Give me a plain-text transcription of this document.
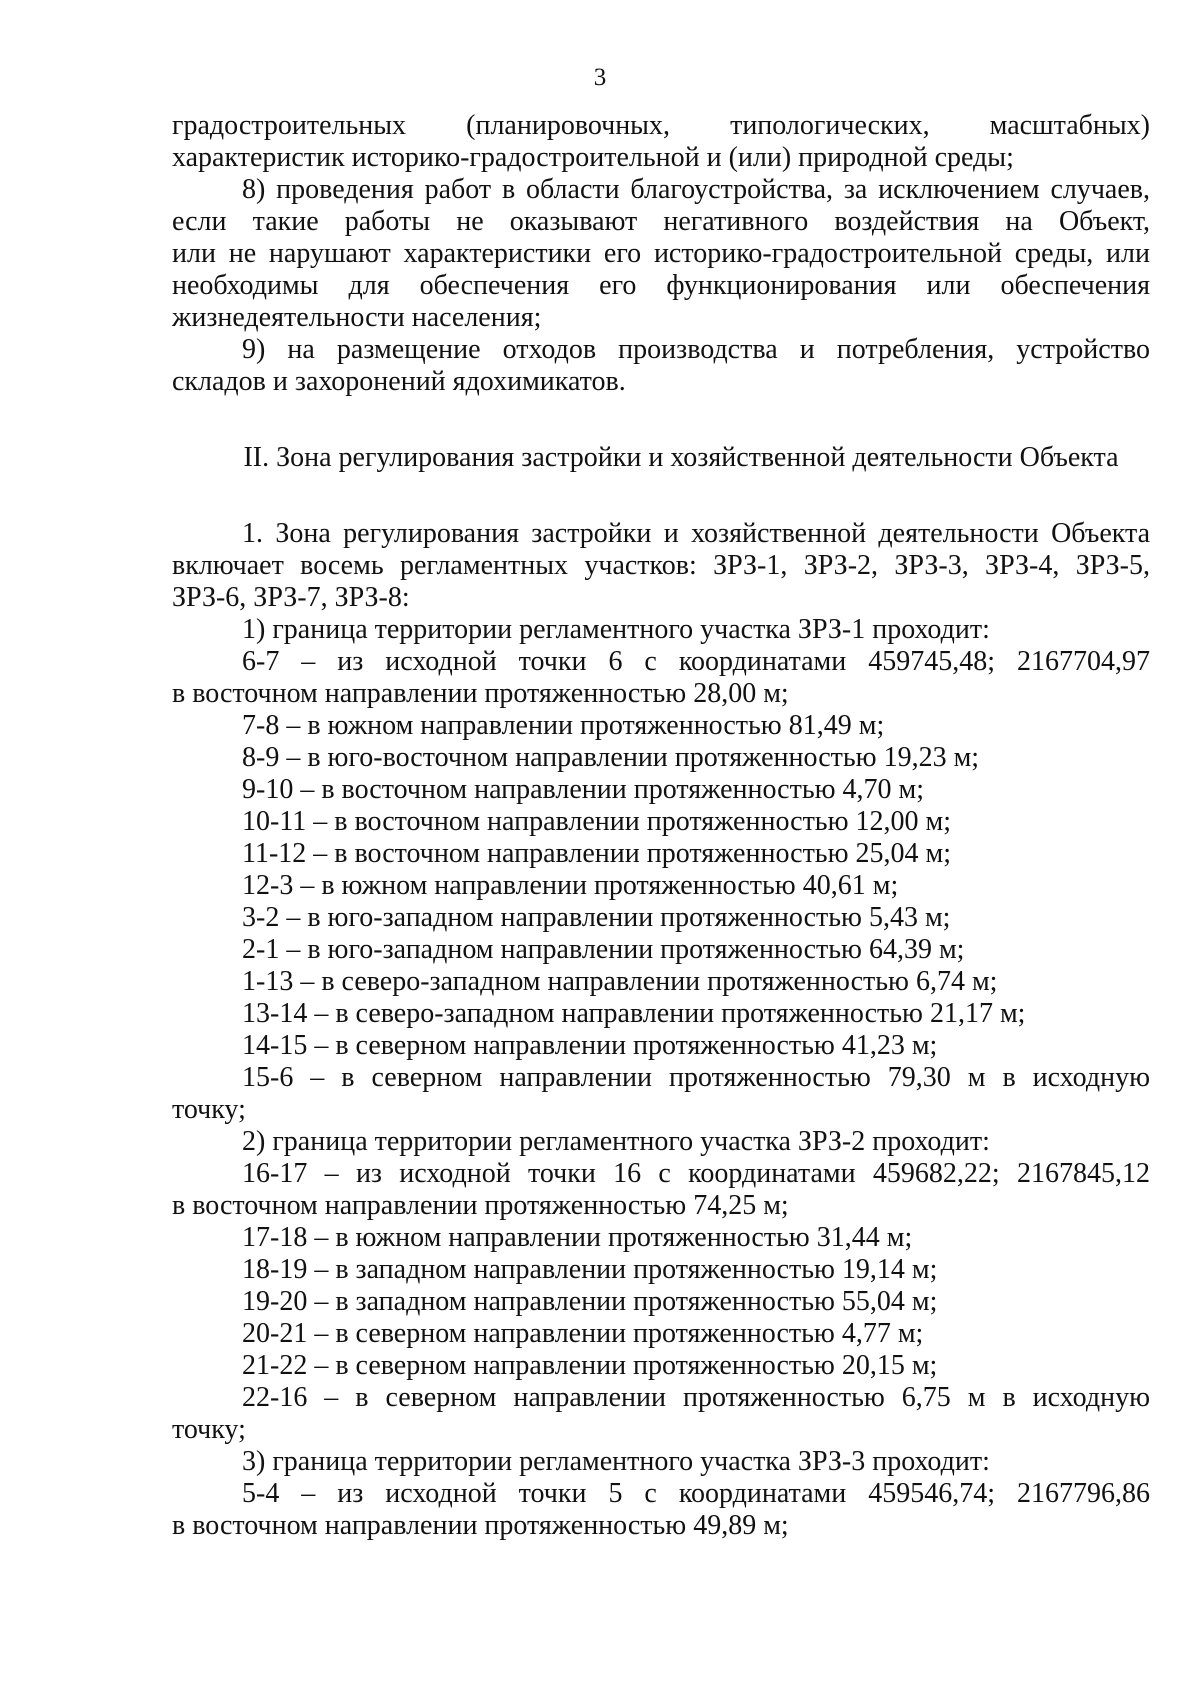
3

градостроительных (планировочных, типологических, масштабных)

характеристик историко-градостроительной и (или) природной среды;

8) проведения работ в области благоустройства, за исключением случаев,

если такие работы не оказывают негативного воздействия на Объект,

или не нарушают характеристики его историко-градостроительной среды, или

необходимы для обеспечения его функционирования или обеспечения

жизнедеятельности населения;

9) на размещение отходов производства и потребления, устройство

складов и захоронений ядохимикатов.

II. Зона регулирования застройки и хозяйственной деятельности Объекта

1. Зона регулирования застройки и хозяйственной деятельности Объекта

включает восемь регламентных участков: ЗРЗ-1, ЗРЗ-2, ЗРЗ-3, ЗРЗ-4, ЗРЗ-5,

ЗРЗ-6, ЗРЗ-7, ЗРЗ-8:

1) граница территории регламентного участка ЗРЗ-1 проходит:

6-7 – из исходной точки 6 с координатами 459745,48; 2167704,97

в восточном направлении протяженностью 28,00 м;

7-8 – в южном направлении протяженностью 81,49 м;

8-9 – в юго-восточном направлении протяженностью 19,23 м;

9-10 – в восточном направлении протяженностью 4,70 м;

10-11 – в восточном направлении протяженностью 12,00 м;

11-12 – в восточном направлении протяженностью 25,04 м;

12-3 – в южном направлении протяженностью 40,61 м;

3-2 – в юго-западном направлении протяженностью 5,43 м;

2-1 – в юго-западном направлении протяженностью 64,39 м;

1-13 – в северо-западном направлении протяженностью 6,74 м;

13-14 – в северо-западном направлении протяженностью 21,17 м;

14-15 – в северном направлении протяженностью 41,23 м;

15-6 – в северном направлении протяженностью 79,30 м в исходную

точку;

2) граница территории регламентного участка ЗРЗ-2 проходит:

16-17 – из исходной точки 16 с координатами 459682,22; 2167845,12

в восточном направлении протяженностью 74,25 м;

17-18 – в южном направлении протяженностью 31,44 м;

18-19 – в западном направлении протяженностью 19,14 м;

19-20 – в западном направлении протяженностью 55,04 м;

20-21 – в северном направлении протяженностью 4,77 м;

21-22 – в северном направлении протяженностью 20,15 м;

22-16 – в северном направлении протяженностью 6,75 м в исходную

точку;

3) граница территории регламентного участка ЗРЗ-3 проходит:

5-4 – из исходной точки 5 с координатами 459546,74; 2167796,86

в восточном направлении протяженностью 49,89 м;
